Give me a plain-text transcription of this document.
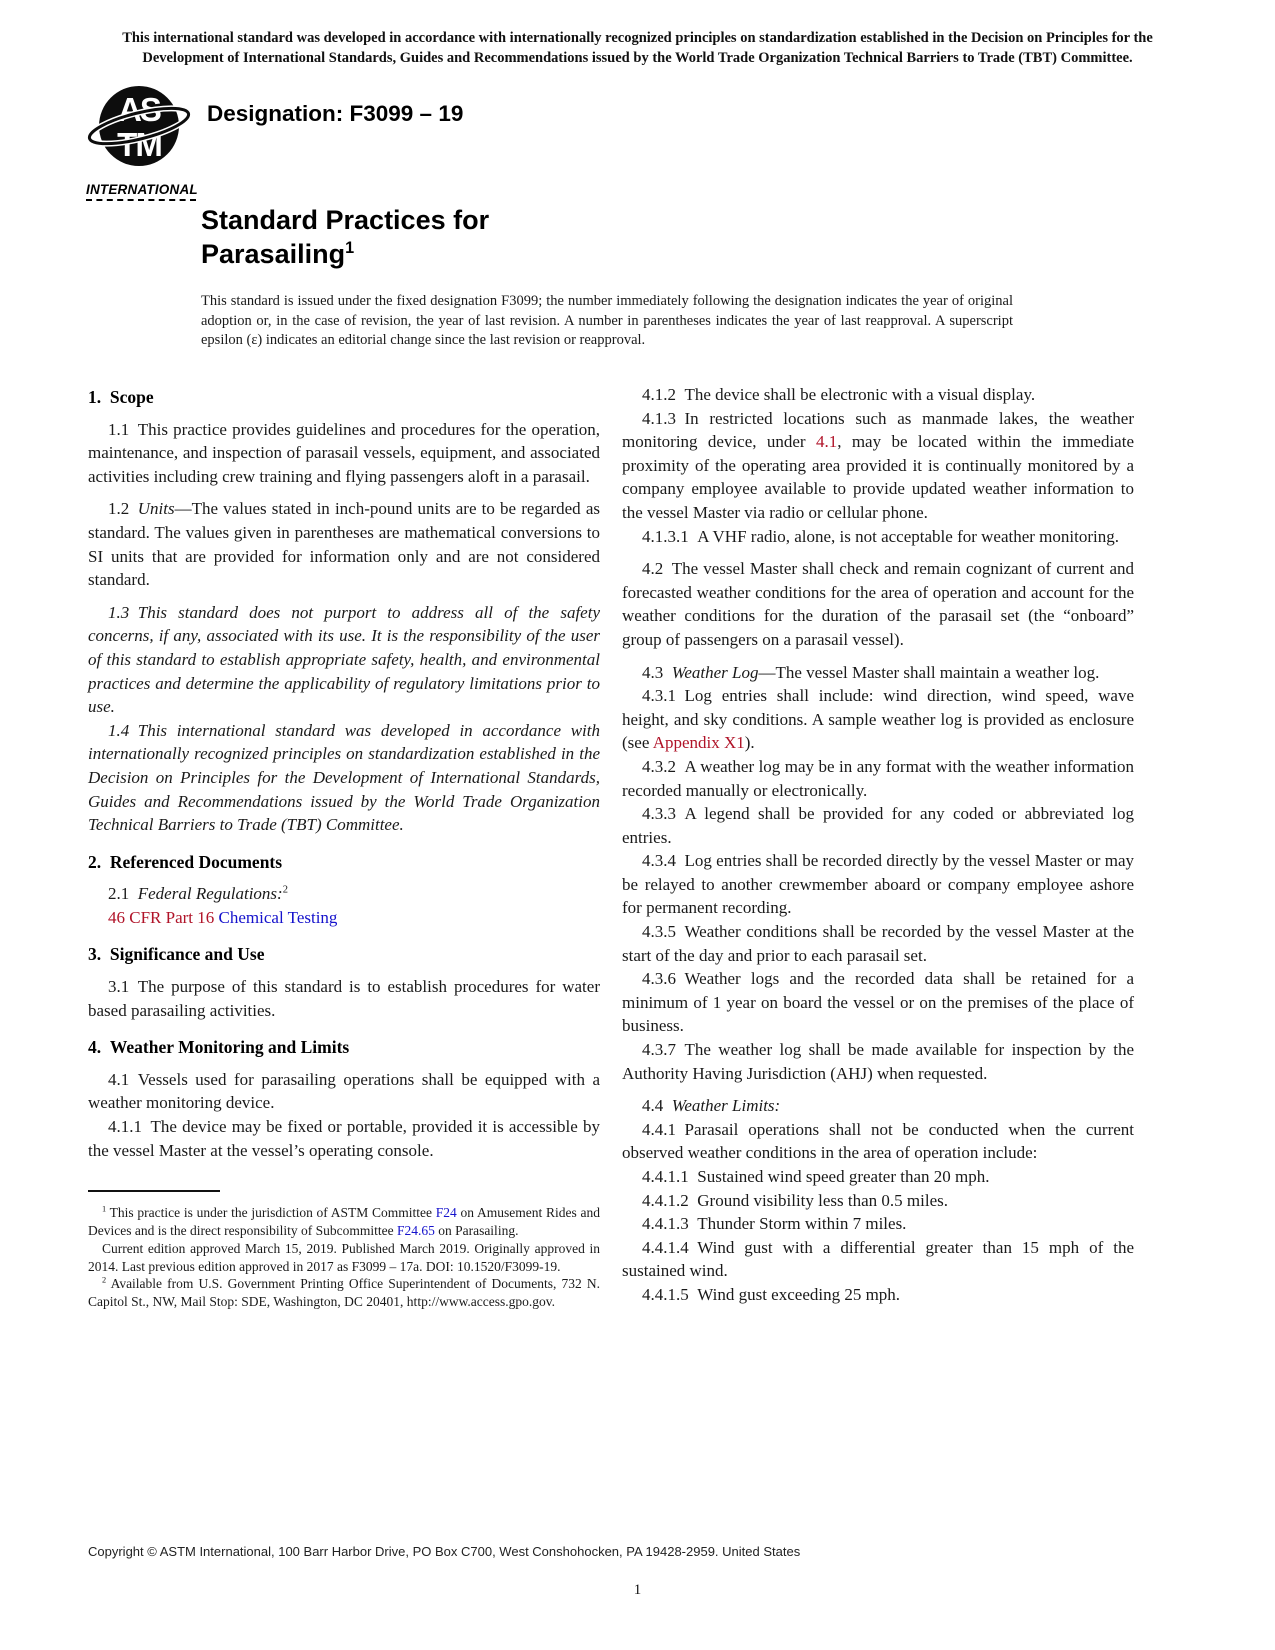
This international standard was developed in accordance with internationally recognized principles on standardization established in the Decision on Principles for the Development of International Standards, Guides and Recommendations issued by the World Trade Organization Technical Barriers to Trade (TBT) Committee.
AS
TM
INTERNATIONAL
Designation: F3099 – 19
Standard Practices for
Parasailing$^1$
This standard is issued under the fixed designation F3099; the number immediately following the designation indicates the year of original adoption or, in the case of revision, the year of last revision. A number in parentheses indicates the year of last reapproval. A superscript epsilon (ε) indicates an editorial change since the last revision or reapproval.
1. Scope

1.1 This practice provides guidelines and procedures for the operation, maintenance, and inspection of parasail vessels, equipment, and associated activities including crew training and flying passengers aloft in a parasail.

1.2 Units—The values stated in inch-pound units are to be regarded as standard. The values given in parentheses are mathematical conversions to SI units that are provided for information only and are not considered standard.

1.3 This standard does not purport to address all of the safety concerns, if any, associated with its use. It is the responsibility of the user of this standard to establish appropriate safety, health, and environmental practices and determine the applicability of regulatory limitations prior to use.

1.4 This international standard was developed in accordance with internationally recognized principles on standardization established in the Decision on Principles for the Development of International Standards, Guides and Recommendations issued by the World Trade Organization Technical Barriers to Trade (TBT) Committee.

2. Referenced Documents

2.1 Federal Regulations:$^2$

46 CFR Part 16 Chemical Testing

3. Significance and Use

3.1 The purpose of this standard is to establish procedures for water based parasailing activities.

4. Weather Monitoring and Limits

4.1 Vessels used for parasailing operations shall be equipped with a weather monitoring device.

4.1.1 The device may be fixed or portable, provided it is accessible by the vessel Master at the vessel’s operating console.

$^1$ This practice is under the jurisdiction of ASTM Committee F24 on Amusement Rides and Devices and is the direct responsibility of Subcommittee F24.65 on Parasailing.

Current edition approved March 15, 2019. Published March 2019. Originally approved in 2014. Last previous edition approved in 2017 as F3099 – 17a. DOI: 10.1520/F3099-19.

$^2$ Available from U.S. Government Printing Office Superintendent of Documents, 732 N. Capitol St., NW, Mail Stop: SDE, Washington, DC 20401, http://www.access.gpo.gov.

4.1.2 The device shall be electronic with a visual display.

4.1.3 In restricted locations such as manmade lakes, the weather monitoring device, under 4.1, may be located within the immediate proximity of the operating area provided it is continually monitored by a company employee available to provide updated weather information to the vessel Master via radio or cellular phone.

4.1.3.1 A VHF radio, alone, is not acceptable for weather monitoring.

4.2 The vessel Master shall check and remain cognizant of current and forecasted weather conditions for the area of operation and account for the weather conditions for the duration of the parasail set (the “onboard” group of passengers on a parasail vessel).

4.3 Weather Log—The vessel Master shall maintain a weather log.

4.3.1 Log entries shall include: wind direction, wind speed, wave height, and sky conditions. A sample weather log is provided as enclosure (see Appendix X1).

4.3.2 A weather log may be in any format with the weather information recorded manually or electronically.

4.3.3 A legend shall be provided for any coded or abbreviated log entries.

4.3.4 Log entries shall be recorded directly by the vessel Master or may be relayed to another crewmember aboard or company employee ashore for permanent recording.

4.3.5 Weather conditions shall be recorded by the vessel Master at the start of the day and prior to each parasail set.

4.3.6 Weather logs and the recorded data shall be retained for a minimum of 1 year on board the vessel or on the premises of the place of business.

4.3.7 The weather log shall be made available for inspection by the Authority Having Jurisdiction (AHJ) when requested.

4.4 Weather Limits:

4.4.1 Parasail operations shall not be conducted when the current observed weather conditions in the area of operation include:

4.4.1.1 Sustained wind speed greater than 20 mph.

4.4.1.2 Ground visibility less than 0.5 miles.

4.4.1.3 Thunder Storm within 7 miles.

4.4.1.4 Wind gust with a differential greater than 15 mph of the sustained wind.

4.4.1.5 Wind gust exceeding 25 mph.

Copyright © ASTM International, 100 Barr Harbor Drive, PO Box C700, West Conshohocken, PA 19428-2959. United States
1
